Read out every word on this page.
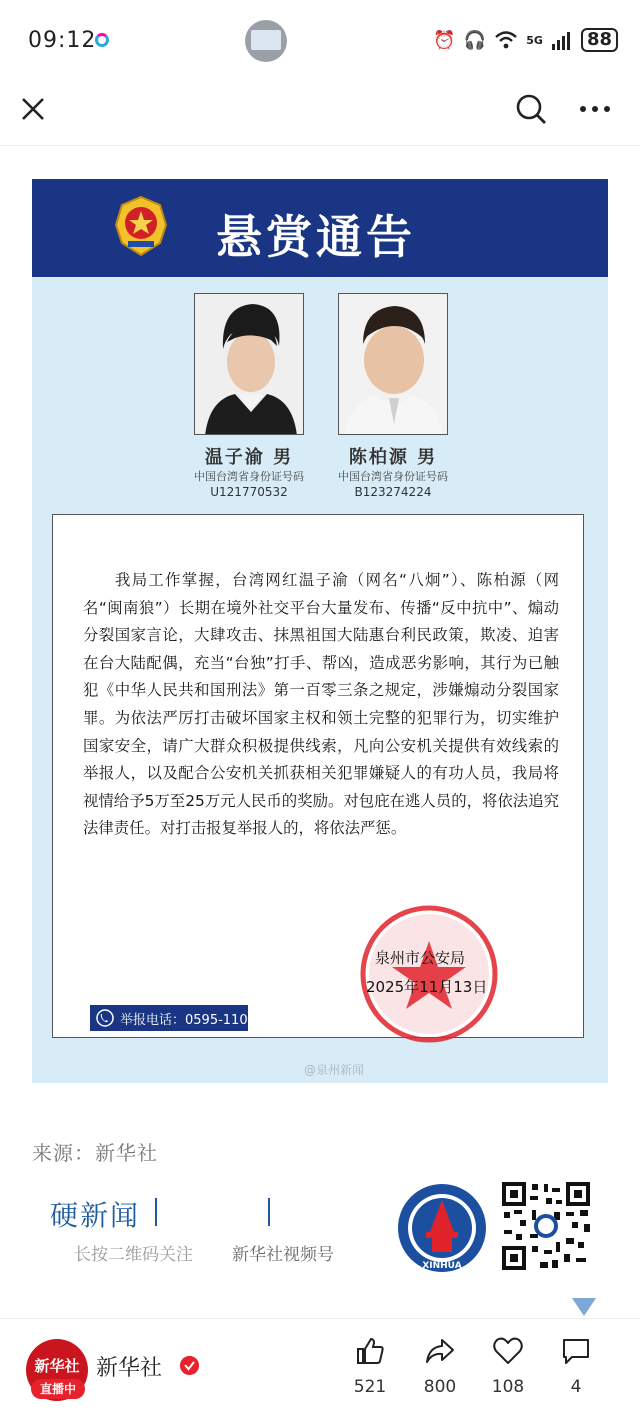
09:12	⏰ 🎧	5G	88
悬赏通告
温子渝 男
中国台湾省身份证号码
U121770532
陈柏源 男
中国台湾省身份证号码
B123274224
我局工作掌握，台湾网红温子渝（网名“八炯”）、陈柏源（网名“闽南狼”）长期在境外社交平台大量发布、传播“反中抗中”、煽动分裂国家言论，大肆攻击、抹黑祖国大陆惠台利民政策，欺凌、迫害在台大陆配偶，充当“台独”打手、帮凶，造成恶劣影响，其行为已触犯《中华人民共和国刑法》第一百零三条之规定，涉嫌煽动分裂国家罪。为依法严厉打击破坏国家主权和领土完整的犯罪行为，切实维护国家安全，请广大群众积极提供线索，凡向公安机关提供有效线索的举报人，以及配合公安机关抓获相关犯罪嫌疑人的有功人员，我局将视情给予5万至25万元人民币的奖励。对包庇在逃人员的，将依法追究法律责任。对打击报复举报人的，将依法严惩。
泉州市公安局
2025年11月13日
举报电话：0595-110
@泉州新闻
来源：新华社
硬新闻
长按二维码关注 新华社视频号
XINHUA
新华社
直播中
新华社
521	800	108	4
